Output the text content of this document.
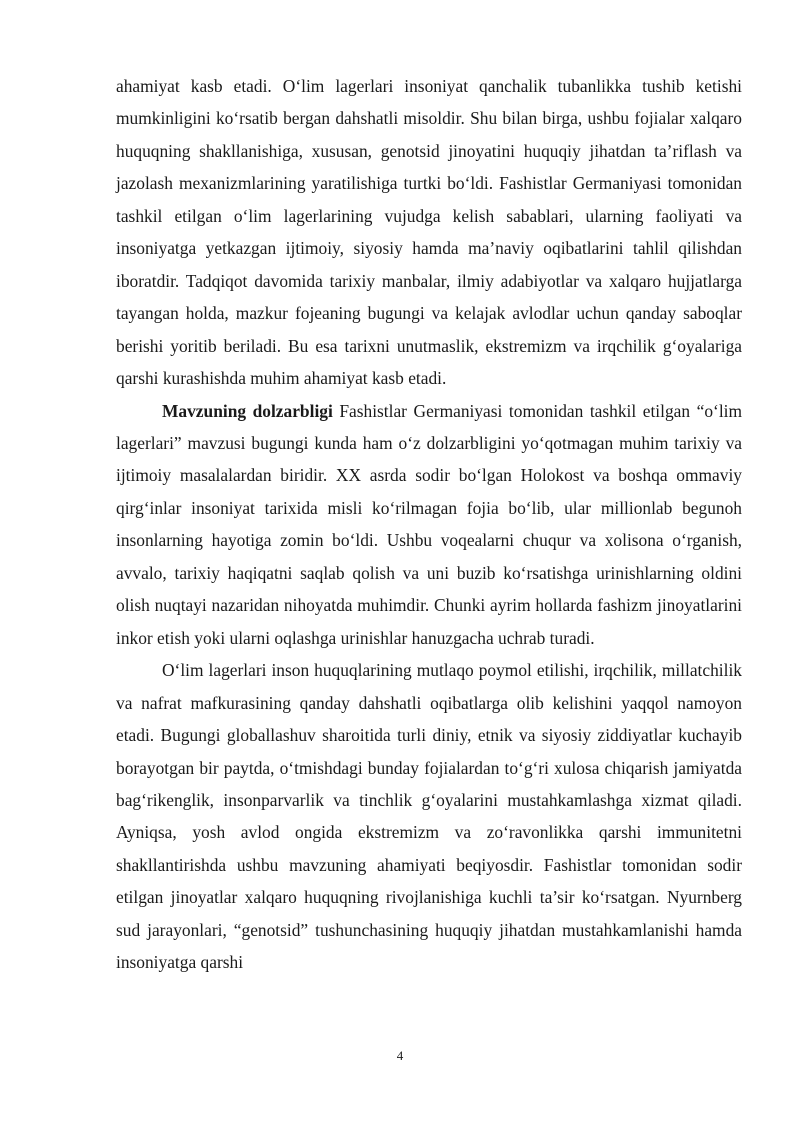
ahamiyat kasb etadi. O‘lim lagerlari insoniyat qanchalik tubanlikka tushib ketishi mumkinligini ko‘rsatib bergan dahshatli misoldir. Shu bilan birga, ushbu fojialar xalqaro huquqning shakllanishiga, xususan, genotsid jinoyatini huquqiy jihatdan ta’riflash va jazolash mexanizmlarining yaratilishiga turtki bo‘ldi. Fashistlar Germaniyasi tomonidan tashkil etilgan o‘lim lagerlarining vujudga kelish sabablari, ularning faoliyati va insoniyatga yetkazgan ijtimoiy, siyosiy hamda ma’naviy oqibatlarini tahlil qilishdan iboratdir. Tadqiqot davomida tarixiy manbalar, ilmiy adabiyotlar va xalqaro hujjatlarga tayangan holda, mazkur fojeaning bugungi va kelajak avlodlar uchun qanday saboqlar berishi yoritib beriladi. Bu esa tarixni unutmaslik, ekstremizm va irqchilik g‘oyalariga qarshi kurashishda muhim ahamiyat kasb etadi.

Mavzuning dolzarbligi Fashistlar Germaniyasi tomonidan tashkil etilgan “o‘lim lagerlari” mavzusi bugungi kunda ham o‘z dolzarbligini yo‘qotmagan muhim tarixiy va ijtimoiy masalalardan biridir. XX asrda sodir bo‘lgan Holokost va boshqa ommaviy qirg‘inlar insoniyat tarixida misli ko‘rilmagan fojia bo‘lib, ular millionlab begunoh insonlarning hayotiga zomin bo‘ldi. Ushbu voqealarni chuqur va xolisona o‘rganish, avvalo, tarixiy haqiqatni saqlab qolish va uni buzib ko‘rsatishga urinishlarning oldini olish nuqtayi nazaridan nihoyatda muhimdir. Chunki ayrim hollarda fashizm jinoyatlarini inkor etish yoki ularni oqlashga urinishlar hanuzgacha uchrab turadi.

O‘lim lagerlari inson huquqlarining mutlaqo poymol etilishi, irqchilik, millatchilik va nafrat mafkurasining qanday dahshatli oqibatlarga olib kelishini yaqqol namoyon etadi. Bugungi globallashuv sharoitida turli diniy, etnik va siyosiy ziddiyatlar kuchayib borayotgan bir paytda, o‘tmishdagi bunday fojialardan to‘g‘ri xulosa chiqarish jamiyatda bag‘rikenglik, insonparvarlik va tinchlik g‘oyalarini mustahkamlashga xizmat qiladi. Ayniqsa, yosh avlod ongida ekstremizm va zo‘ravonlikka qarshi immunitetni shakllantirishda ushbu mavzuning ahamiyati beqiyosdir. Fashistlar tomonidan sodir etilgan jinoyatlar xalqaro huquqning rivojlanishiga kuchli ta’sir ko‘rsatgan. Nyurnberg sud jarayonlari, “genotsid” tushunchasining huquqiy jihatdan mustahkamlanishi hamda insoniyatga qarshi

4
